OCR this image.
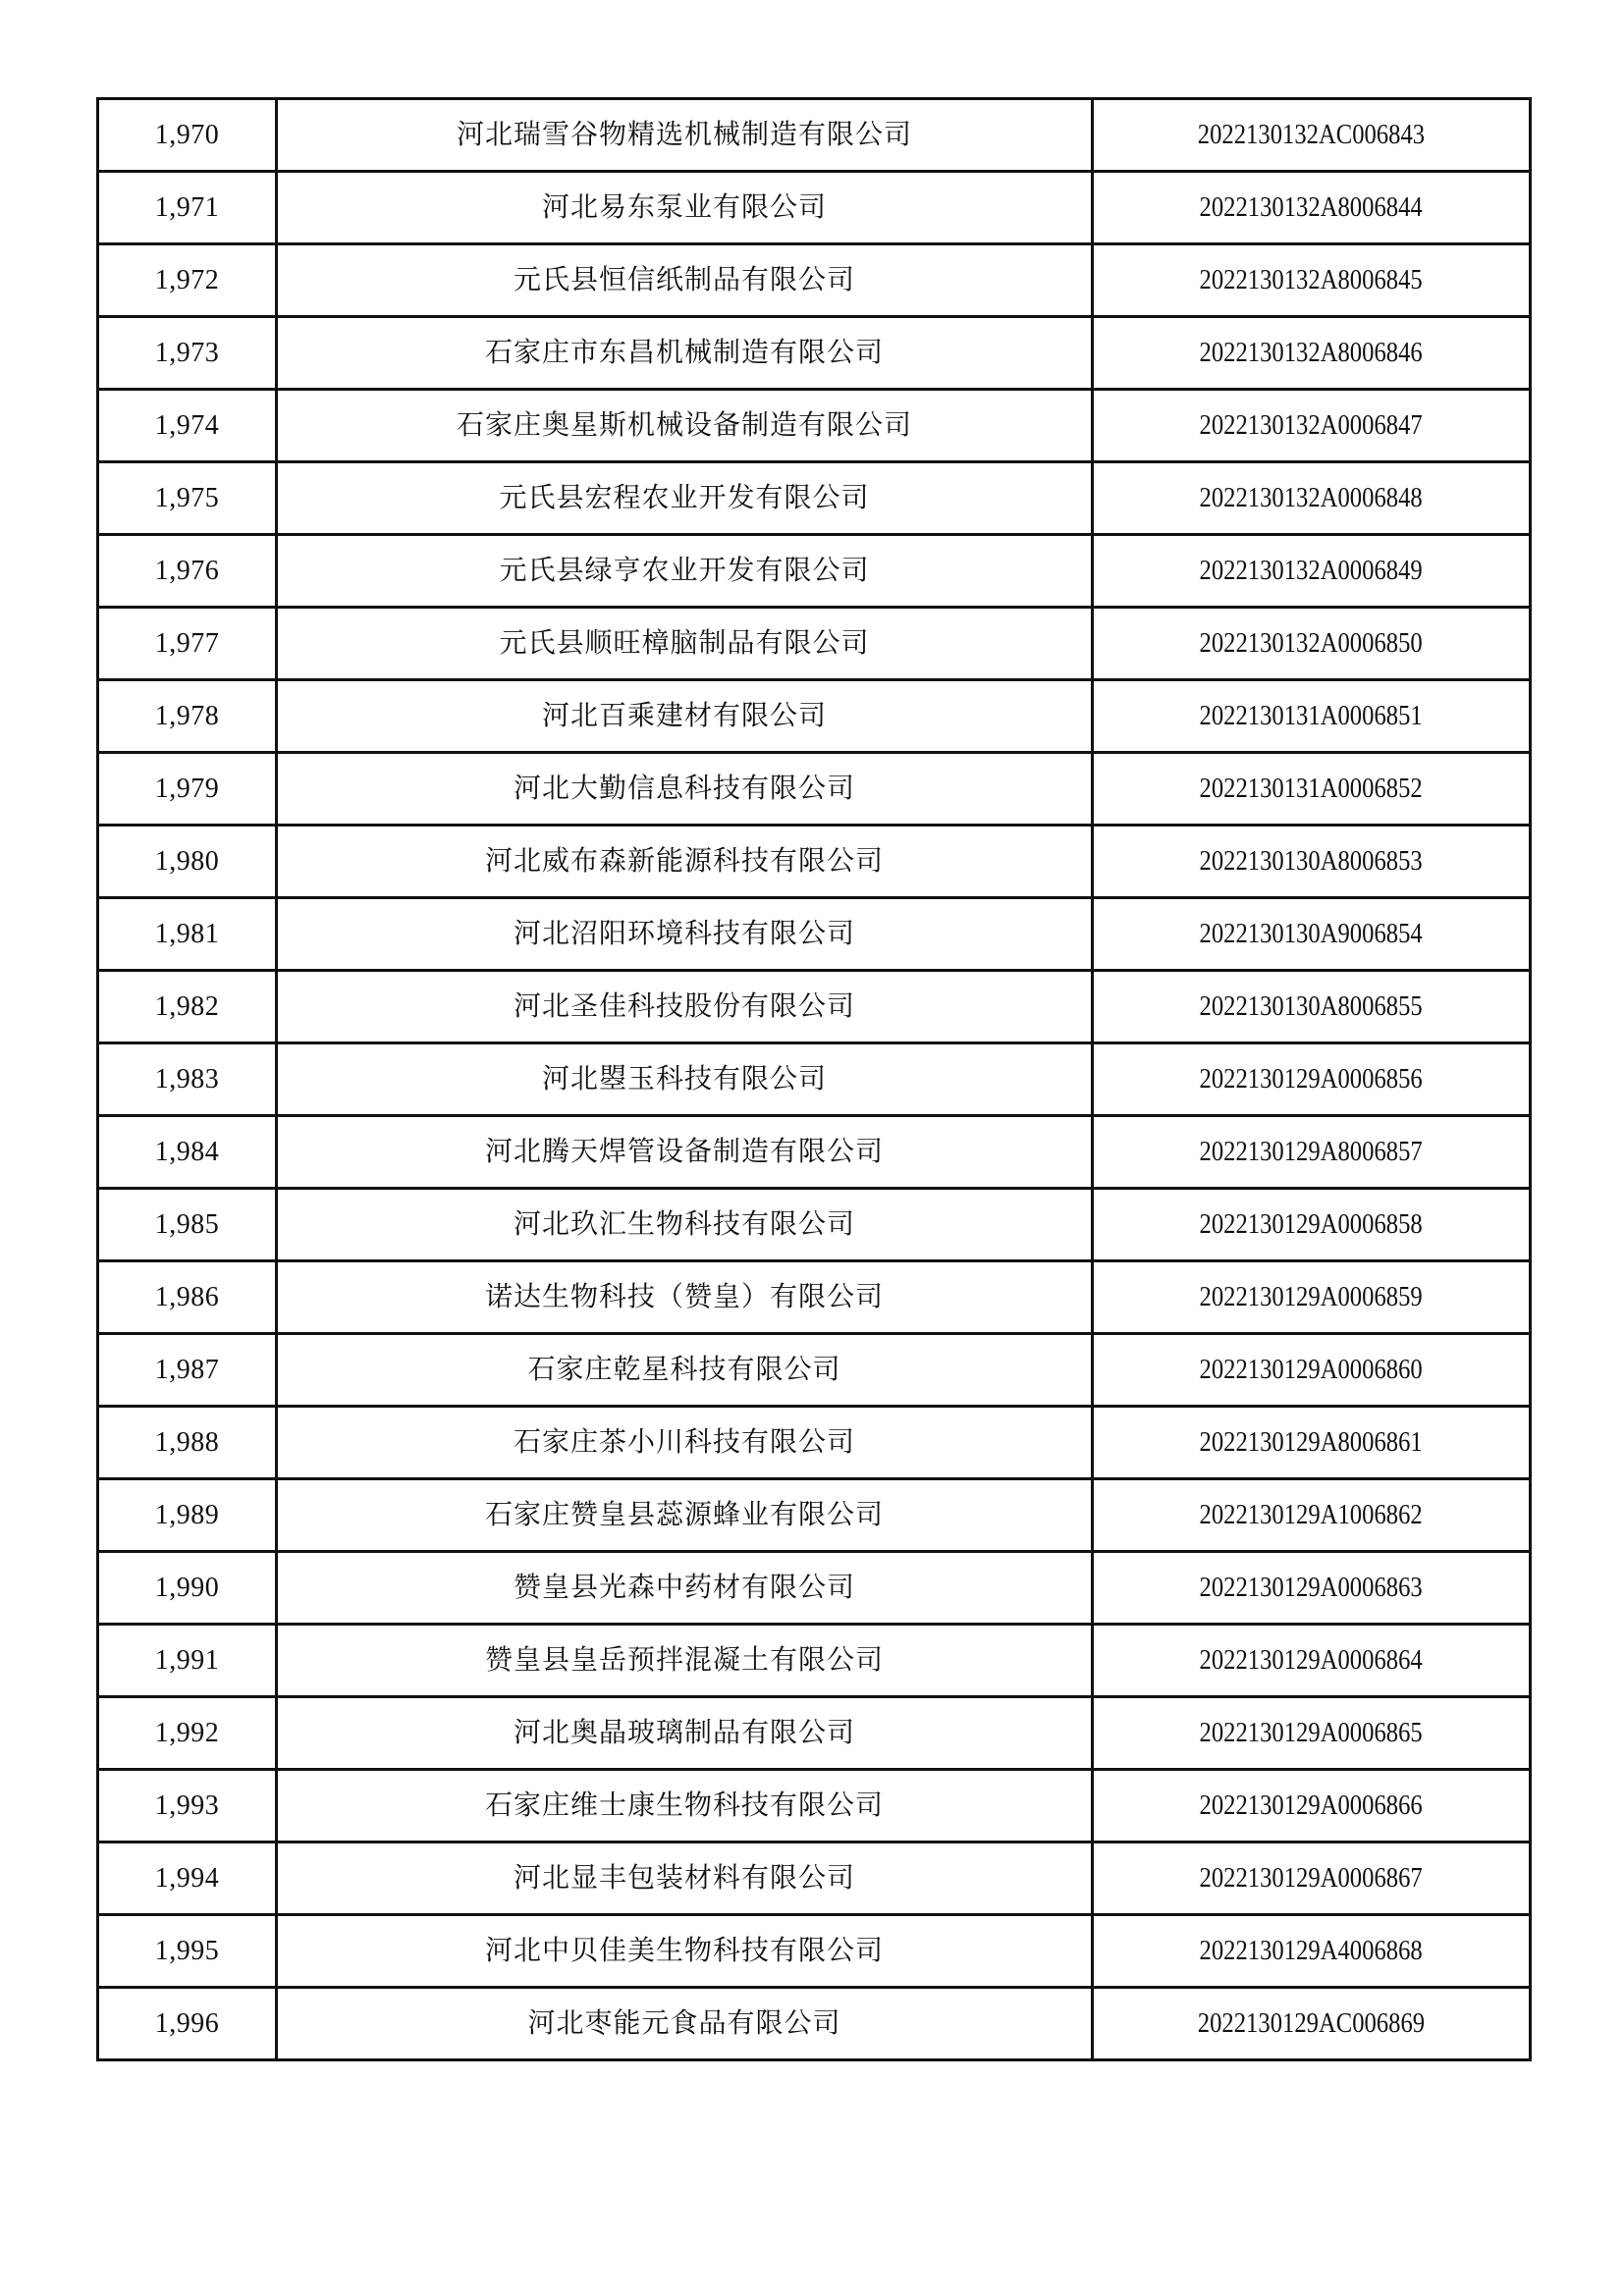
1,970	河北瑞雪谷物精选机械制造有限公司	2022130132AC006843
1,971	河北易东泵业有限公司	2022130132A8006844
1,972	元氏县恒信纸制品有限公司	2022130132A8006845
1,973	石家庄市东昌机械制造有限公司	2022130132A8006846
1,974	石家庄奥星斯机械设备制造有限公司	2022130132A0006847
1,975	元氏县宏程农业开发有限公司	2022130132A0006848
1,976	元氏县绿亨农业开发有限公司	2022130132A0006849
1,977	元氏县顺旺樟脑制品有限公司	2022130132A0006850
1,978	河北百乘建材有限公司	2022130131A0006851
1,979	河北大勤信息科技有限公司	2022130131A0006852
1,980	河北威布森新能源科技有限公司	2022130130A8006853
1,981	河北沼阳环境科技有限公司	2022130130A9006854
1,982	河北圣佳科技股份有限公司	2022130130A8006855
1,983	河北曌玉科技有限公司	2022130129A0006856
1,984	河北腾天焊管设备制造有限公司	2022130129A8006857
1,985	河北玖汇生物科技有限公司	2022130129A0006858
1,986	诺达生物科技（赞皇）有限公司	2022130129A0006859
1,987	石家庄乾星科技有限公司	2022130129A0006860
1,988	石家庄茶小川科技有限公司	2022130129A8006861
1,989	石家庄赞皇县蕊源蜂业有限公司	2022130129A1006862
1,990	赞皇县光森中药材有限公司	2022130129A0006863
1,991	赞皇县皇岳预拌混凝土有限公司	2022130129A0006864
1,992	河北奥晶玻璃制品有限公司	2022130129A0006865
1,993	石家庄维士康生物科技有限公司	2022130129A0006866
1,994	河北显丰包装材料有限公司	2022130129A0006867
1,995	河北中贝佳美生物科技有限公司	2022130129A4006868
1,996	河北枣能元食品有限公司	2022130129AC006869
